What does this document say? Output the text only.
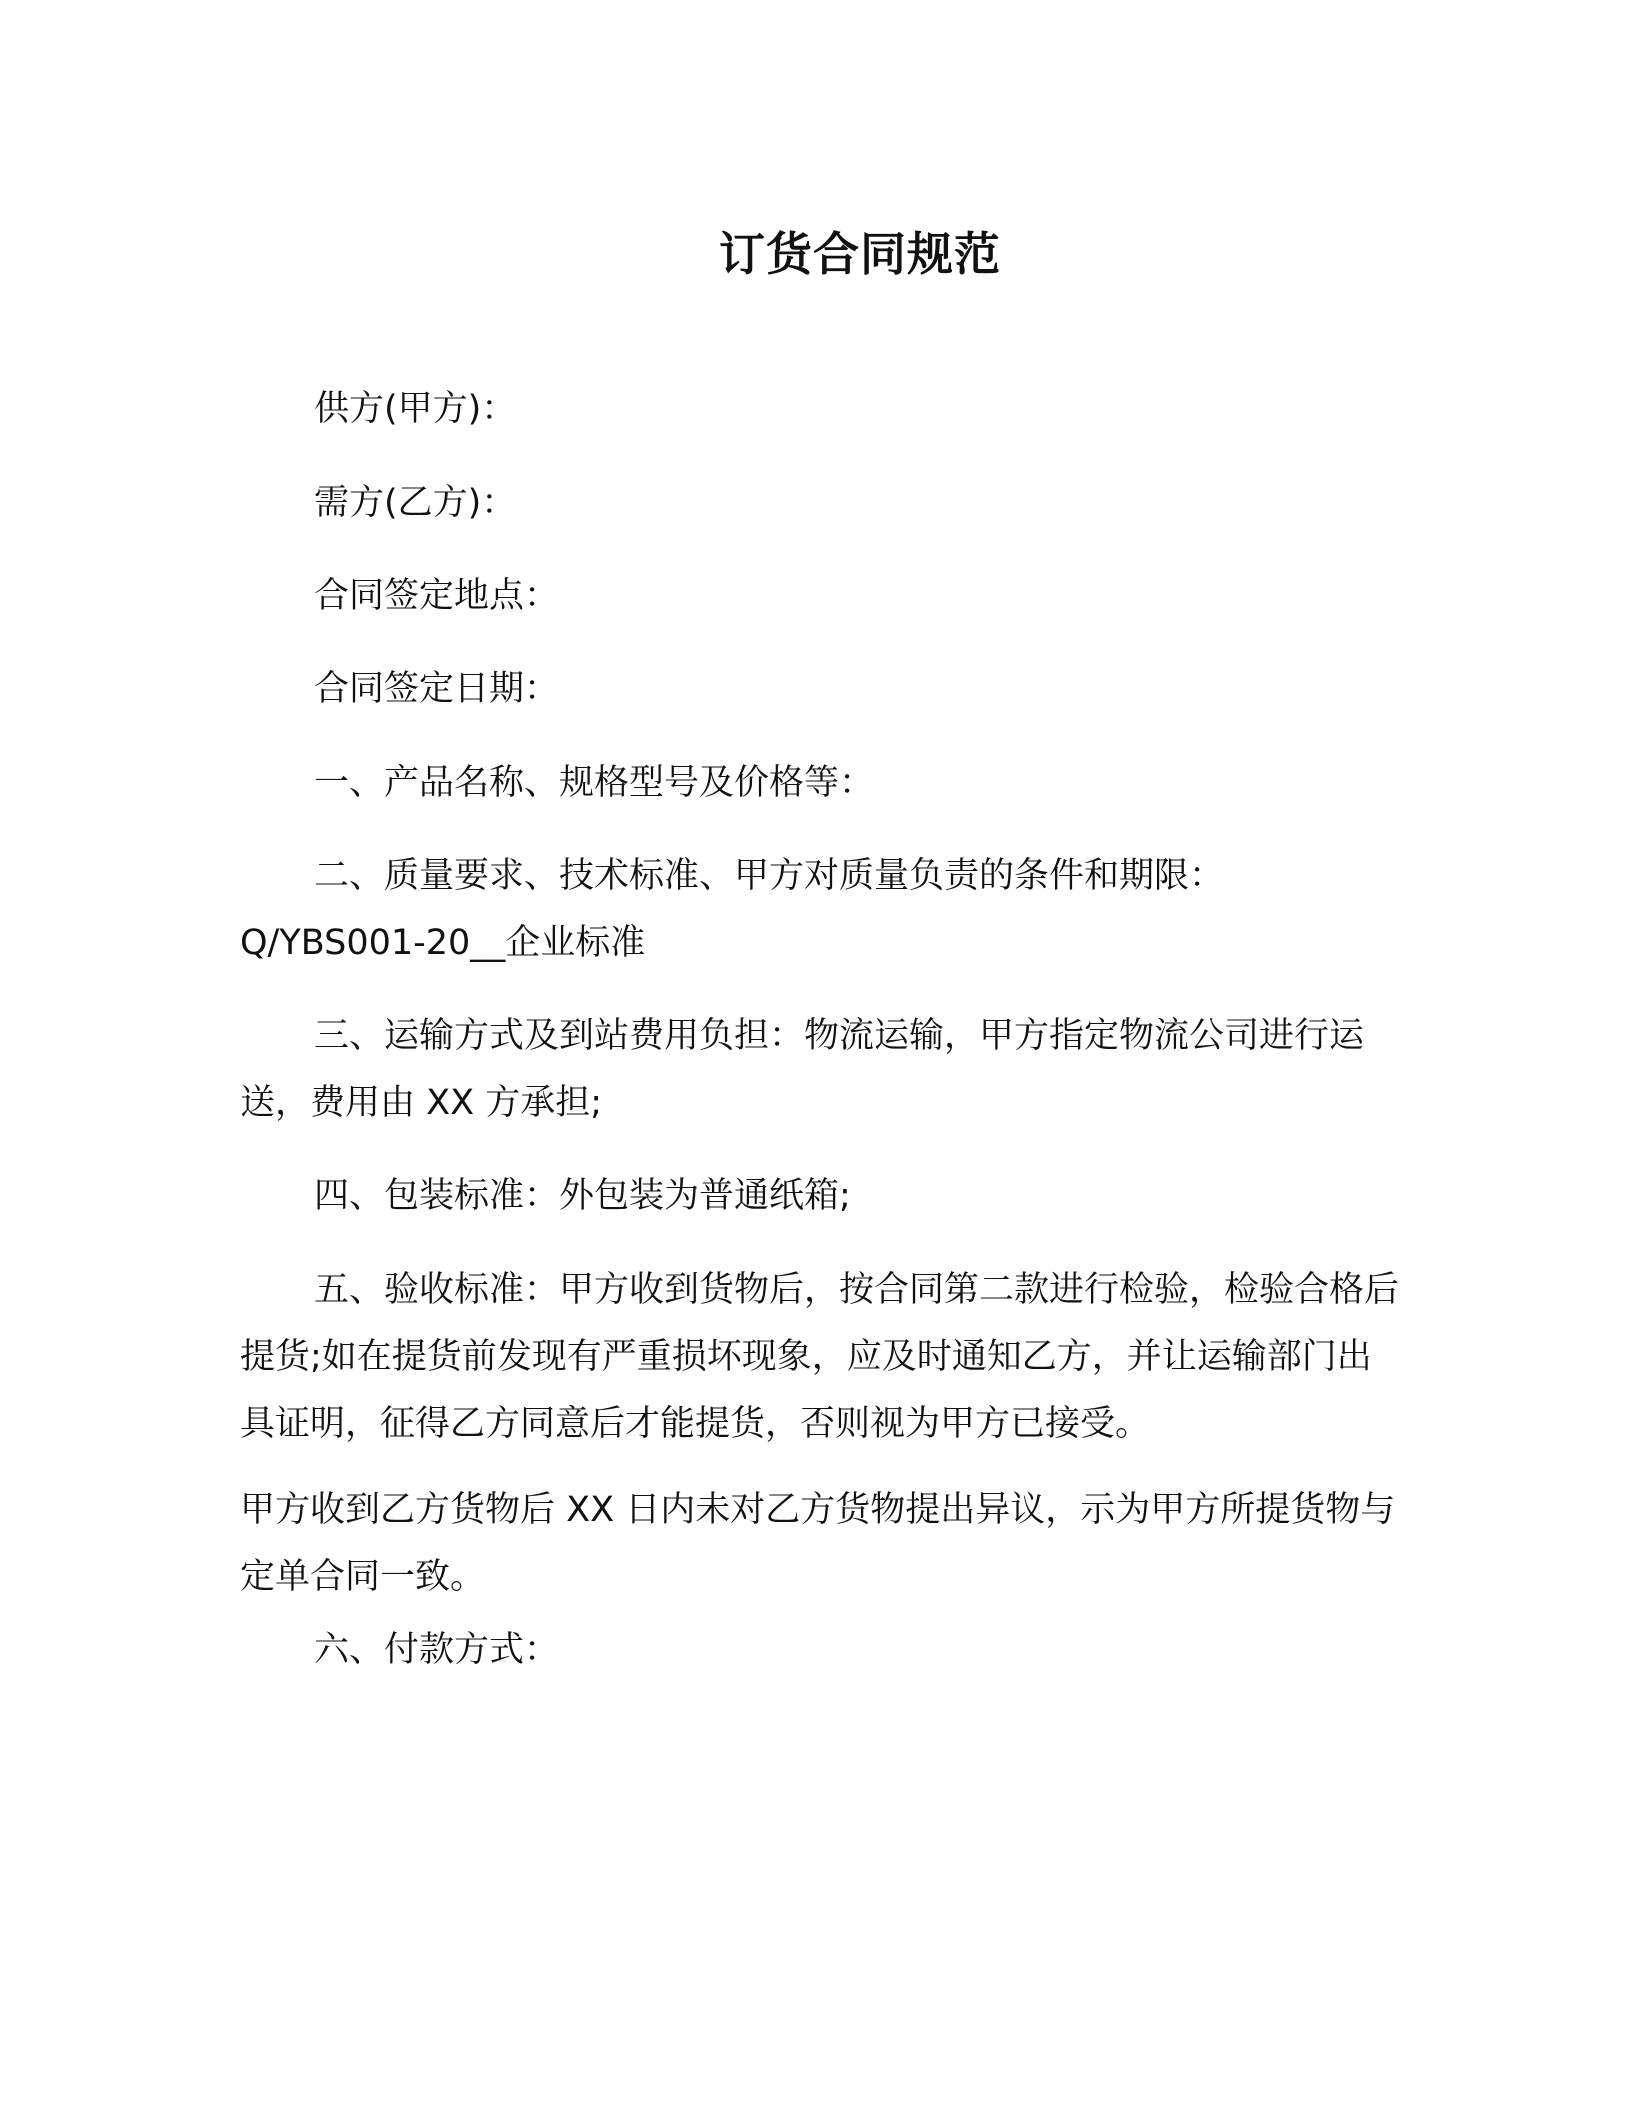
订货合同规范

供方(甲方)：

需方(乙方)：

合同签定地点：

合同签定日期：

一、产品名称、规格型号及价格等：

二、质量要求、技术标准、甲方对质量负责的条件和期限：Q/YBS001-20__企业标准

三、运输方式及到站费用负担：物流运输，甲方指定物流公司进行运送，费用由 XX 方承担;

四、包装标准：外包装为普通纸箱;

五、验收标准：甲方收到货物后，按合同第二款进行检验，检验合格后提货;如在提货前发现有严重损坏现象，应及时通知乙方，并让运输部门出具证明，征得乙方同意后才能提货，否则视为甲方已接受。

甲方收到乙方货物后 XX 日内未对乙方货物提出异议，示为甲方所提货物与定单合同一致。

六、付款方式：
